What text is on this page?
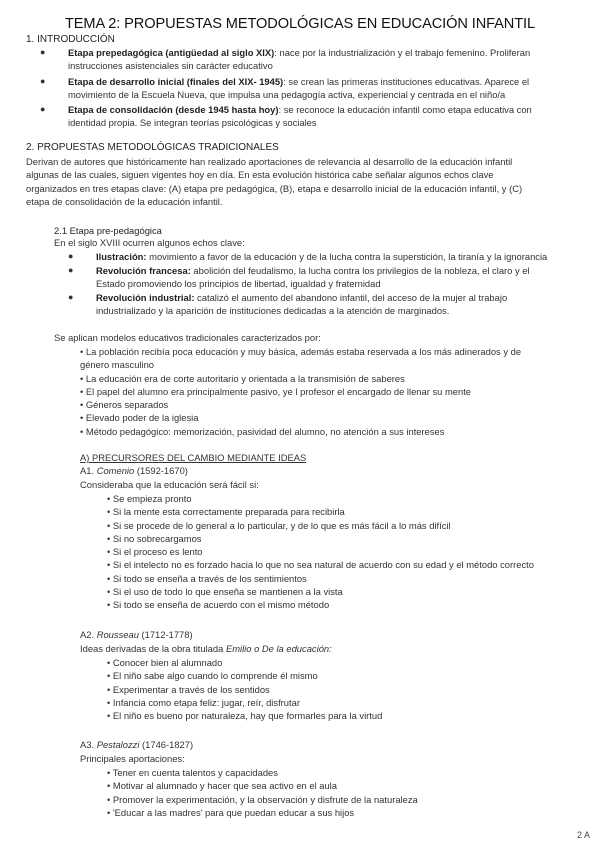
TEMA 2: PROPUESTAS METODOLÓGICAS EN EDUCACIÓN INFANTIL
1. INTRODUCCIÓN
● Etapa prepedagógica (antigüedad al siglo XIX): nace por la industrialización y el trabajo femenino. Proliferan
instrucciones asistenciales sin carácter educativo
● Etapa de desarrollo inicial (finales del XIX- 1945): se crean las primeras instituciones educativas. Aparece el
movimiento de la Escuela Nueva, que impulsa una pedagogía activa, experiencial y centrada en el niño/a
● Etapa de consolidación (desde 1945 hasta hoy): se reconoce la educación infantil como etapa educativa con
identidad propia. Se integran teorías psicológicas y sociales
2. PROPUESTAS METODOLÓGICAS TRADICIONALES
Derivan de autores que históricamente han realizado aportaciones de relevancia al desarrollo de la educación infantil
algunas de las cuales, siguen vigentes hoy en día. En esta evolución histórica cabe señalar algunos echos clave
organizados en tres etapas clave: (A) etapa pre pedagógica, (B), etapa e desarrollo inicial de la educación infantil, y (C)
etapa de consolidación de la educación infantil.
2.1 Etapa pre-pedagógica
En el siglo XVIII ocurren algunos echos clave:
● Ilustración: movimiento a favor de la educación y de la lucha contra la superstición, la tiranía y la ignorancia
● Revolución francesa: abolición del feudalismo, la lucha contra los privilegios de la nobleza, el claro y el
Estado promoviendo los principios de libertad, igualdad y fraternidad
● Revolución industrial: catalizó el aumento del abandono infantil, del acceso de la mujer al trabajo
industrializado y la aparición de instituciones dedicadas a la atención de marginados.
Se aplican modelos educativos tradicionales caracterizados por:
• La población recibía poca educación y muy básica, además estaba reservada a los más adinerados y de
género masculino
• La educación era de corte autoritario y orientada a la transmisión de saberes
• El papel del alumno era principalmente pasivo, ye l profesor el encargado de llenar su mente
• Géneros separados
• Elevado poder de la iglesia
• Método pedagógico: memorización, pasividad del alumno, no atención a sus intereses
A) PRECURSORES DEL CAMBIO MEDIANTE IDEAS
A1. Comenio (1592-1670)
Consideraba que la educación será fácil si:
• Se empieza pronto
• Si la mente esta correctamente preparada para recibirla
• Si se procede de lo general a lo particular, y de lo que es más fácil a lo más difícil
• Si no sobrecargamos
• Si el proceso es lento
• Si el intelecto no es forzado hacia lo que no sea natural de acuerdo con su edad y el método correcto
• Si todo se enseña a través de los sentimientos
• Si el uso de todo lo que enseña se mantienen a la vista
• Si todo se enseña de acuerdo con el mismo método
A2. Rousseau (1712-1778)
Ideas derivadas de la obra titulada Emilio o De la educación:
• Conocer bien al alumnado
• El niño sabe algo cuando lo comprende él mismo
• Experimentar a través de los sentidos
• Infancia como etapa feliz: jugar, reír, disfrutar
• El niño es bueno por naturaleza, hay que formarles para la virtud
A3. Pestalozzi (1746-1827)
Principales aportaciones:
• Tener en cuenta talentos y capacidades
• Motivar al alumnado y hacer que sea activo en el aula
• Promover la experimentación, y la observación y disfrute de la naturaleza
• 'Educar a las madres' para que puedan educar a sus hijos
2 A
